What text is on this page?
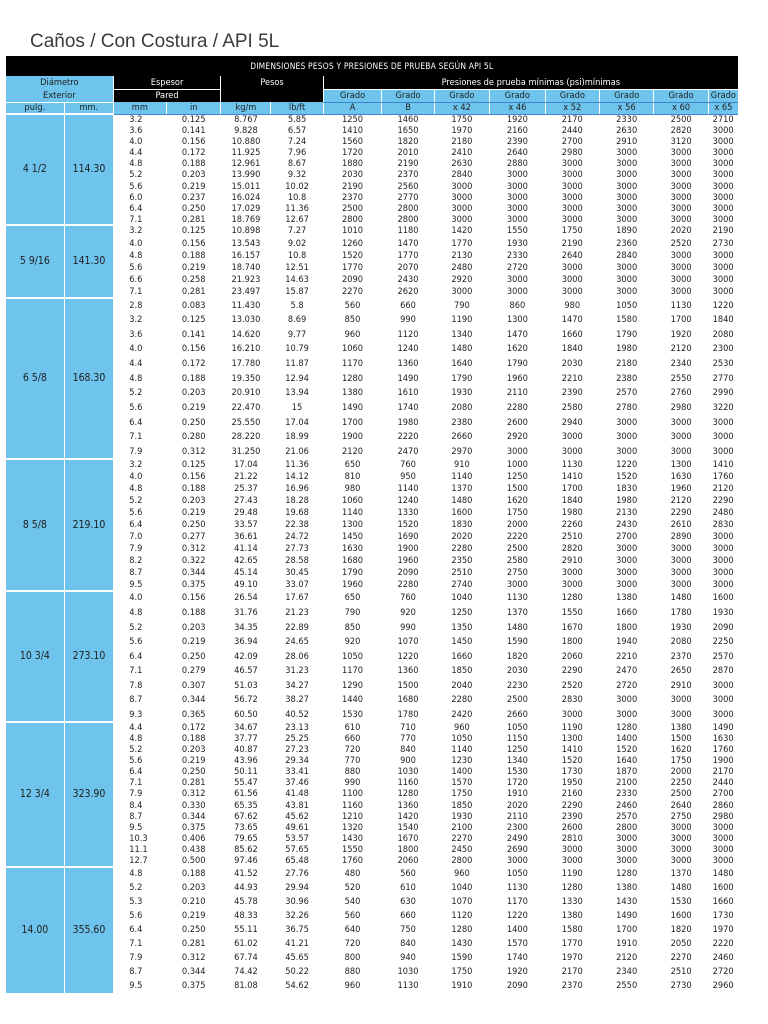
Caños / Con Costura / API 5L
DIMENSIONES PESOS Y PRESIONES DE PRUEBA SEGÚN API 5L													
Diámetro		Espesor		Pesos		Presiones de prueba mínimas (psi)mínimas							
Exterior		Pared				Grado	Grado	Grado	Grado	Grado	Grado	Grado	Grado
pulg.	mm.	mm	in	kg/m	lb/ft	A	B	x 42	x 46	x 52	x 56	x 60	x 65
4 1/2	114.30	3.2	0.125	8.767	5.85	1250	1460	1750	1920	2170	2330	2500	2710
		3.6	0.141	9.828	6.57	1410	1650	1970	2160	2440	2630	2820	3000
		4.0	0.156	10.880	7.24	1560	1820	2180	2390	2700	2910	3120	3000
		4.4	0.172	11.925	7.96	1720	2010	2410	2640	2980	3000	3000	3000
		4.8	0.188	12.961	8.67	1880	2190	2630	2880	3000	3000	3000	3000
		5.2	0.203	13.990	9.32	2030	2370	2840	3000	3000	3000	3000	3000
		5.6	0.219	15.011	10.02	2190	2560	3000	3000	3000	3000	3000	3000
		6.0	0.237	16.024	10.8	2370	2770	3000	3000	3000	3000	3000	3000
		6.4	0.250	17.029	11.36	2500	2800	3000	3000	3000	3000	3000	3000
		7.1	0.281	18.769	12.67	2800	2800	3000	3000	3000	3000	3000	3000
5 9/16	141.30	3.2	0.125	10.898	7.27	1010	1180	1420	1550	1750	1890	2020	2190
		4.0	0.156	13.543	9.02	1260	1470	1770	1930	2190	2360	2520	2730
		4.8	0.188	16.157	10.8	1520	1770	2130	2330	2640	2840	3000	3000
		5.6	0.219	18.740	12.51	1770	2070	2480	2720	3000	3000	3000	3000
		6.6	0.258	21.923	14.63	2090	2430	2920	3000	3000	3000	3000	3000
		7.1	0.281	23.497	15.87	2270	2620	3000	3000	3000	3000	3000	3000
6 5/8	168.30	2.8	0.083	11.430	5.8	560	660	790	860	980	1050	1130	1220
		3.2	0.125	13.030	8.69	850	990	1190	1300	1470	1580	1700	1840
		3.6	0.141	14.620	9.77	960	1120	1340	1470	1660	1790	1920	2080
		4.0	0.156	16.210	10.79	1060	1240	1480	1620	1840	1980	2120	2300
		4.4	0.172	17.780	11.87	1170	1360	1640	1790	2030	2180	2340	2530
		4.8	0.188	19.350	12.94	1280	1490	1790	1960	2210	2380	2550	2770
		5.2	0.203	20.910	13.94	1380	1610	1930	2110	2390	2570	2760	2990
		5.6	0.219	22.470	15	1490	1740	2080	2280	2580	2780	2980	3220
		6.4	0.250	25.550	17.04	1700	1980	2380	2600	2940	3000	3000	3000
		7.1	0.280	28.220	18.99	1900	2220	2660	2920	3000	3000	3000	3000
		7.9	0.312	31.250	21.06	2120	2470	2970	3000	3000	3000	3000	3000
8 5/8	219.10	3.2	0.125	17.04	11.36	650	760	910	1000	1130	1220	1300	1410
		4.0	0.156	21.22	14.12	810	950	1140	1250	1410	1520	1630	1760
		4.8	0.188	25.37	16.96	980	1140	1370	1500	1700	1830	1960	2120
		5.2	0.203	27.43	18.28	1060	1240	1480	1620	1840	1980	2120	2290
		5.6	0.219	29.48	19.68	1140	1330	1600	1750	1980	2130	2290	2480
		6.4	0.250	33.57	22.38	1300	1520	1830	2000	2260	2430	2610	2830
		7.0	0.277	36.61	24.72	1450	1690	2020	2220	2510	2700	2890	3000
		7.9	0.312	41.14	27.73	1630	1900	2280	2500	2820	3000	3000	3000
		8.2	0.322	42.65	28.58	1680	1960	2350	2580	2910	3000	3000	3000
		8.7	0.344	45.14	30.45	1790	2090	2510	2750	3000	3000	3000	3000
		9.5	0.375	49.10	33.07	1960	2280	2740	3000	3000	3000	3000	3000
10 3/4	273.10	4.0	0.156	26.54	17.67	650	760	1040	1130	1280	1380	1480	1600
		4.8	0.188	31.76	21.23	790	920	1250	1370	1550	1660	1780	1930
		5.2	0.203	34.35	22.89	850	990	1350	1480	1670	1800	1930	2090
		5.6	0.219	36.94	24.65	920	1070	1450	1590	1800	1940	2080	2250
		6.4	0.250	42.09	28.06	1050	1220	1660	1820	2060	2210	2370	2570
		7.1	0.279	46.57	31.23	1170	1360	1850	2030	2290	2470	2650	2870
		7.8	0.307	51.03	34.27	1290	1500	2040	2230	2520	2720	2910	3000
		8.7	0.344	56.72	38.27	1440	1680	2280	2500	2830	3000	3000	3000
		9.3	0.365	60.50	40.52	1530	1780	2420	2660	3000	3000	3000	3000
12 3/4	323.90	4.4	0.172	34.67	23.13	610	710	960	1050	1190	1280	1380	1490
		4.8	0.188	37.77	25.25	660	770	1050	1150	1300	1400	1500	1630
		5.2	0.203	40.87	27.23	720	840	1140	1250	1410	1520	1620	1760
		5.6	0.219	43.96	29.34	770	900	1230	1340	1520	1640	1750	1900
		6.4	0.250	50.11	33.41	880	1030	1400	1530	1730	1870	2000	2170
		7.1	0.281	55.47	37.46	990	1160	1570	1720	1950	2100	2250	2440
		7.9	0.312	61.56	41.48	1100	1280	1750	1910	2160	2330	2500	2700
		8.4	0.330	65.35	43.81	1160	1360	1850	2020	2290	2460	2640	2860
		8.7	0.344	67.62	45.62	1210	1420	1930	2110	2390	2570	2750	2980
		9.5	0.375	73.65	49.61	1320	1540	2100	2300	2600	2800	3000	3000
		10.3	0.406	79.65	53.57	1430	1670	2270	2490	2810	3000	3000	3000
		11.1	0.438	85.62	57.65	1550	1800	2450	2690	3000	3000	3000	3000
		12.7	0.500	97.46	65.48	1760	2060	2800	3000	3000	3000	3000	3000
14.00	355.60	4.8	0.188	41.52	27.76	480	560	960	1050	1190	1280	1370	1480
		5.2	0.203	44.93	29.94	520	610	1040	1130	1280	1380	1480	1600
		5.3	0.210	45.78	30.96	540	630	1070	1170	1330	1430	1530	1660
		5.6	0.219	48.33	32.26	560	660	1120	1220	1380	1490	1600	1730
		6.4	0.250	55.11	36.75	640	750	1280	1400	1580	1700	1820	1970
		7.1	0.281	61.02	41.21	720	840	1430	1570	1770	1910	2050	2220
		7.9	0.312	67.74	45.65	800	940	1590	1740	1970	2120	2270	2460
		8.7	0.344	74.42	50.22	880	1030	1750	1920	2170	2340	2510	2720
		9.5	0.375	81.08	54.62	960	1130	1910	2090	2370	2550	2730	2960
